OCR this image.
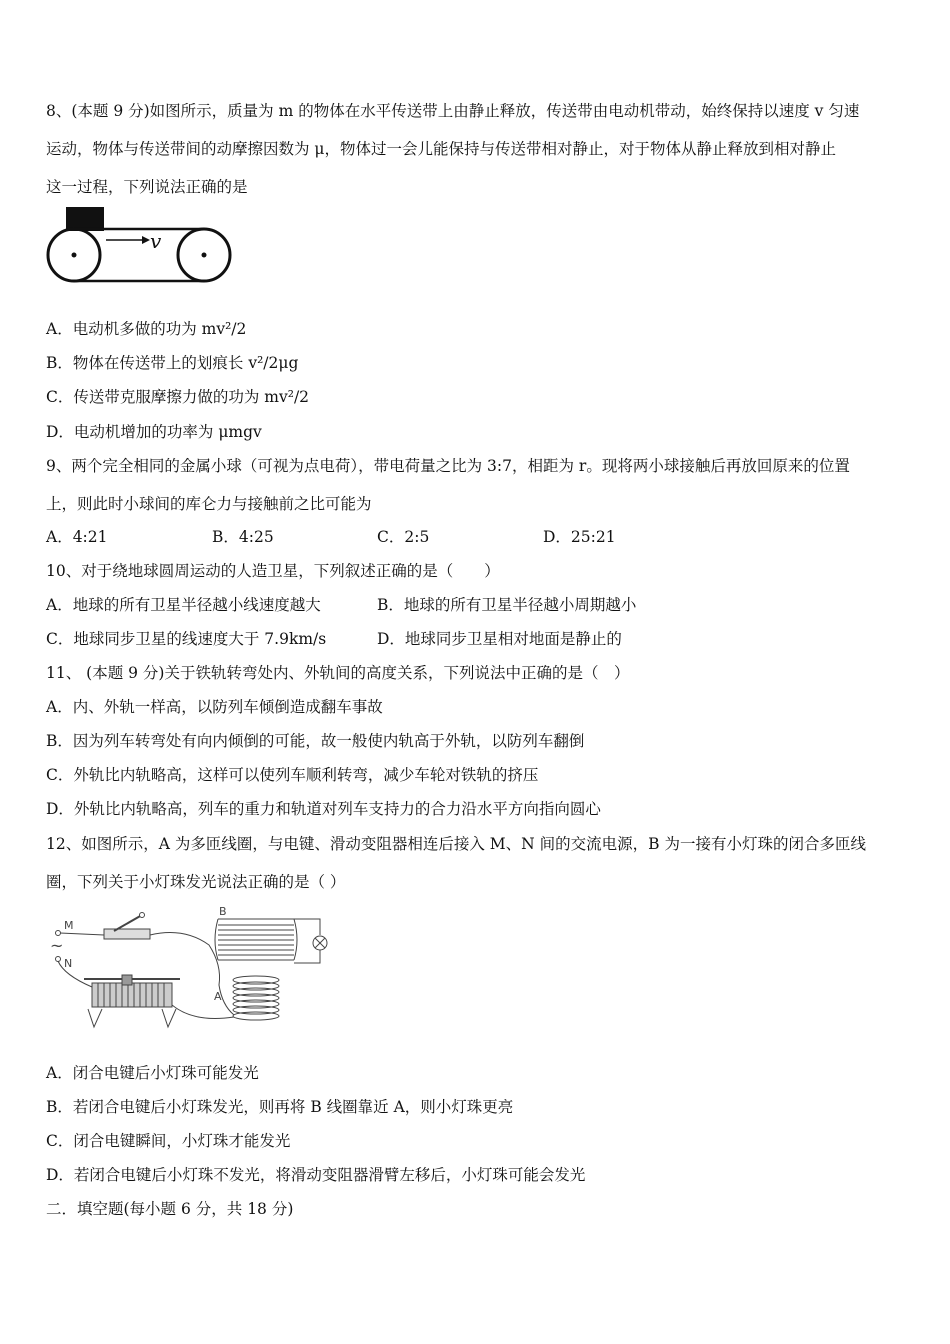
8、(本题 9 分)如图所示，质量为 m 的物体在水平传送带上由静止释放，传送带由电动机带动，始终保持以速度 v 匀速
运动，物体与传送带间的动摩擦因数为 μ，物体过一会儿能保持与传送带相对静止，对于物体从静止释放到相对静止
这一过程，下列说法正确的是
v
A．电动机多做的功为 mv²/2
B．物体在传送带上的划痕长 v²/2μg
C．传送带克服摩擦力做的功为 mv²/2
D．电动机增加的功率为 μmgv
9、两个完全相同的金属小球（可视为点电荷），带电荷量之比为 3:7，相距为 r。现将两小球接触后再放回原来的位置
上，则此时小球间的库仑力与接触前之比可能为
A．4:21	B．4:25	C．2:5	D．25:21
10、对于绕地球圆周运动的人造卫星，下列叙述正确的是（　　）
A．地球的所有卫星半径越小线速度越大	B．地球的所有卫星半径越小周期越小
C．地球同步卫星的线速度大于 7.9km/s	D．地球同步卫星相对地面是静止的
11、 (本题 9 分)关于铁轨转弯处内、外轨间的高度关系，下列说法中正确的是（　）
A．内、外轨一样高，以防列车倾倒造成翻车事故
B．因为列车转弯处有向内倾倒的可能，故一般使内轨高于外轨，以防列车翻倒
C．外轨比内轨略高，这样可以使列车顺利转弯，减少车轮对铁轨的挤压
D．外轨比内轨略高，列车的重力和轨道对列车支持力的合力沿水平方向指向圆心
12、如图所示，A 为多匝线圈，与电键、滑动变阻器相连后接入 M、N 间的交流电源，B 为一接有小灯珠的闭合多匝线
圈，下列关于小灯珠发光说法正确的是（ ）
M
~
N
B
A
A．闭合电键后小灯珠可能发光
B．若闭合电键后小灯珠发光，则再将 B 线圈靠近 A，则小灯珠更亮
C．闭合电键瞬间，小灯珠才能发光
D．若闭合电键后小灯珠不发光，将滑动变阻器滑臂左移后，小灯珠可能会发光
二．填空题(每小题 6 分，共 18 分)
